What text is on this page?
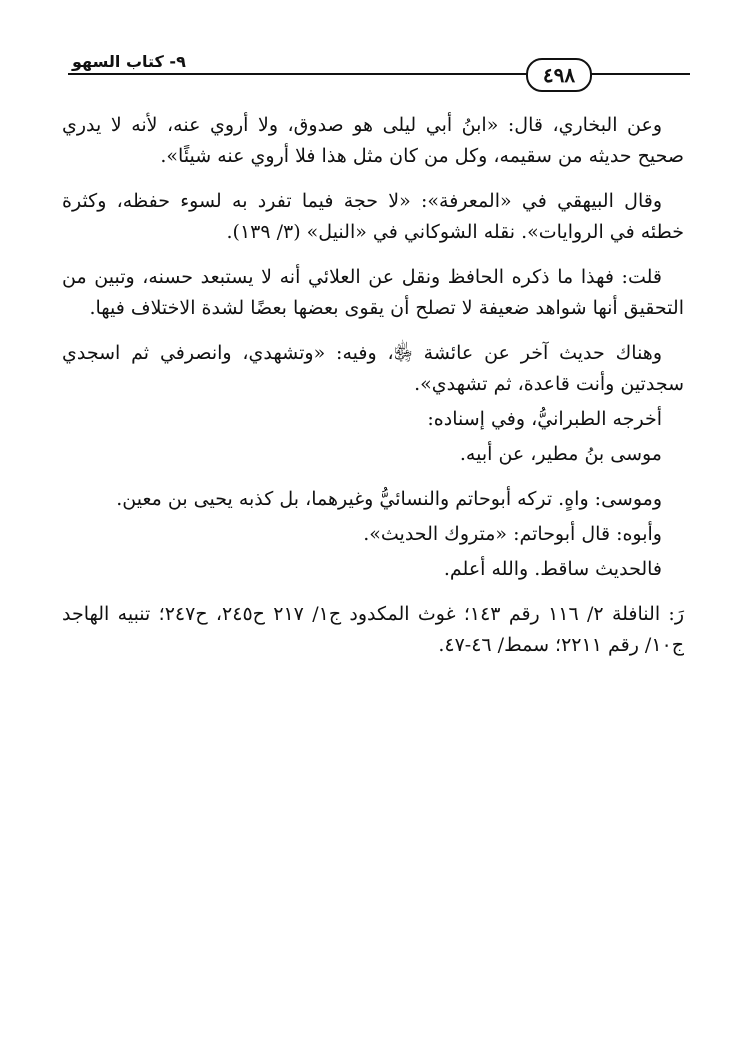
٩- كتاب السهو
٤٩٨

وعن البخاري، قال: «ابنُ أبي ليلى هو صدوق، ولا أروي عنه، لأنه لا يدري صحيح حديثه من سقيمه، وكل من كان مثل هذا فلا أروي عنه شيئًا».

وقال البيهقي في «المعرفة»: «لا حجة فيما تفرد به لسوء حفظه، وكثرة خطئه في الروايات». نقله الشوكاني في «النيل» (٣/ ١٣٩).

قلت: فهذا ما ذكره الحافظ ونقل عن العلائي أنه لا يستبعد حسنه، وتبين من التحقيق أنها شواهد ضعيفة لا تصلح أن يقوى بعضها بعضًا لشدة الاختلاف فيها.

وهناك حديث آخر عن عائشة ﵂، وفيه: «وتشهدي، وانصرفي ثم اسجدي سجدتين وأنت قاعدة، ثم تشهدي».

أخرجه الطبرانيُّ، وفي إسناده:

موسى بنُ مطير، عن أبيه.

وموسى: واهٍ. تركه أبوحاتم والنسائيُّ وغيرهما، بل كذبه يحيى بن معين.

وأبوه: قال أبوحاتم: «متروك الحديث».

فالحديث ساقط. والله أعلم.

رَ: النافلة ٢/ ١١٦ رقم ١٤٣؛ غوث المكدود ج١/ ٢١٧ ح٢٤٥، ح٢٤٧؛ تنبيه الهاجد ج١٠/ رقم ٢٢١١؛ سمط/ ٤٦-٤٧.
